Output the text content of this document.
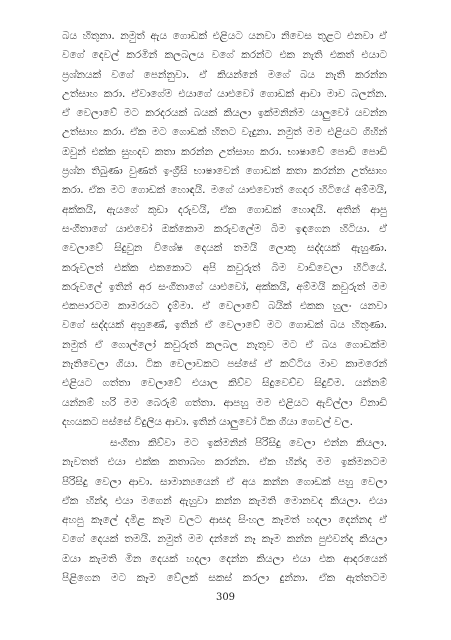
බය හිතුනා. නමුත් ඇය ගොඩක් එළියට යනවා නිවෙස තුළට එනවා ඒ
වගේ දෙවල් කරමින් කලබලය වගේ කරන්ට එක නැති එකත් එයාට
ප්‍රශ්නයක් වගේ පෙන්නුවා. ඒ කියන්නේ මගේ බය නැති කරන්න
උත්සාහ කරා. ඒවාගේම එයාගේ යාළුවෝ ගොඩක් ආවා මාව බලන්න.
ඒ වෙලාවේ මට කරදරයක් බයක් කියලා ඉක්මනින්ම යාලුවෝ යවන්න
උත්සාහ කරා. ඒක මට ගොඩක් හිතට වැදුනා. නමුත් මම එළියට ගිහින්
ඔවුන් එක්ක සුහදව කතා කරන්න උත්සාහ කරා. භාෂාවේ පොඩි පොඩි
ප්‍රශ්න තිබුණා වුණත් ඉංග්‍රීසි භාෂාවෙන් ගොඩක් කතා කරන්න උත්සාහ
කරා. ඒක මට ගොඩක් හොඳයි. මගේ යාළුවොත් ගෙදර හිටියේ අම්මයි,
අක්කයි, ඇයගේ කුඩා දරුවයි, ඒක ගොඩක් හොඳයි. අතින් ආපු
සංගීතාගේ යාළුවෝ ඔක්කොම කරුවලේම බිම ඉඳගෙන හිටියා. ඒ
වෙලාවේ සිදුවුන විශේෂ දෙයක් තමයි ලොකු සද්දයක් ඇහුණා.
කරුවලත් එක්ක එකකොට අපි කවුරුත් බිම වාඩිවෙලා හිටියේ.
කරුවලේ ඉතින් අර සංගීතාගේ යාළුවෝ, අක්කයි, අම්මයි කවුරුත් මම
එකපාරටම කාමරයට දැම්මා. ඒ වෙලාවේ බයික් එකක හුලං යනවා
වගේ සද්දයක් අහුණේ, ඉතින් ඒ වෙලාවේ මට ගොඩක් බය හිතුණා.
නමුත් ඒ ගොල්ලෝ කවුරුත් කලබල නැතුව මට ඒ බය ගොඩක්ම
නැතිවෙලා ගියා. ටික වෙලාවකට පස්සේ ඒ කට්ටිය මාව කාමරෙන්
එළියට ගත්තා වෙලාවේ එයාල කිව්ව සිදුවෙච්ච සිදුවීම. යන්නම්
යන්නම් හරි මම බෙරුම් ගත්තා. ආපහු මම එළියට ඇවිල්ලා විනාඩි
දහයකට පස්සේ විදුලිය ආවා. ඉතින් යාලුවෝ ටික ගියා ගෙවල් වල.
සංගීතා කිව්වා මට ඉක්මනින් පිරිසිදු වෙලා එන්න කියලා.
නැවතත් එයා එක්ක කතාබහ කරන්න. ඒක හින්දා මම ඉක්මනටම
පිරිසිදු වෙලා ආවා. සාමාන්‍යයෙන් ඒ අය කන්න ගොඩක් පහු වෙලා
ඒක හින්දා එයා මගෙන් ඇහුවා කන්න කැමති මොනවද කියලා. එයා
අහපු කෑලේ දමිළ කෑම වලට ආසද සිංහල කෑමත් හදලා දෙන්නද ඒ
වගේ දෙයක් තමයි. නමුත් මම දන්නේ නෑ කෑම කන්න පුළුවන්ද කියලා
ඔයා කැමති මින දෙයක් හදලා දෙන්න කියලා එයා එක ආදරයෙන්
පිළිගෙන මට කෑම වේලක් සකස් කරලා දුන්නා. ඒක ඇත්තටම
309
